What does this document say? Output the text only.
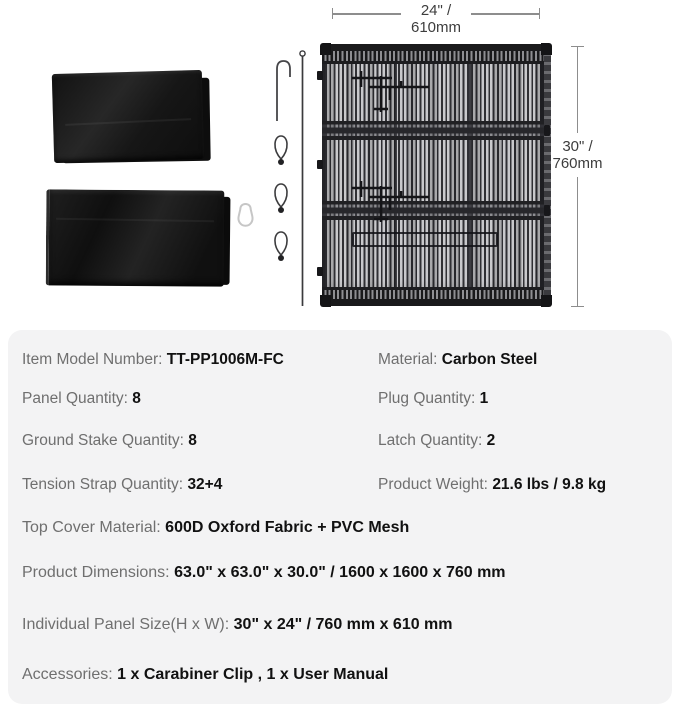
24" /
610mm
30" /
760mm
Item Model Number: TT-PP1006M-FC	Material: Carbon Steel
Panel Quantity: 8	Plug Quantity: 1
Ground Stake Quantity: 8	Latch Quantity: 2
Tension Strap Quantity: 32+4	Product Weight: 21.6 lbs / 9.8 kg
Top Cover Material: 600D Oxford Fabric + PVC Mesh
Product Dimensions: 63.0" x 63.0" x 30.0" / 1600 x 1600 x 760 mm
Individual Panel Size(H x W): 30" x 24" / 760 mm x 610 mm
Accessories: 1 x Carabiner Clip , 1 x User Manual
